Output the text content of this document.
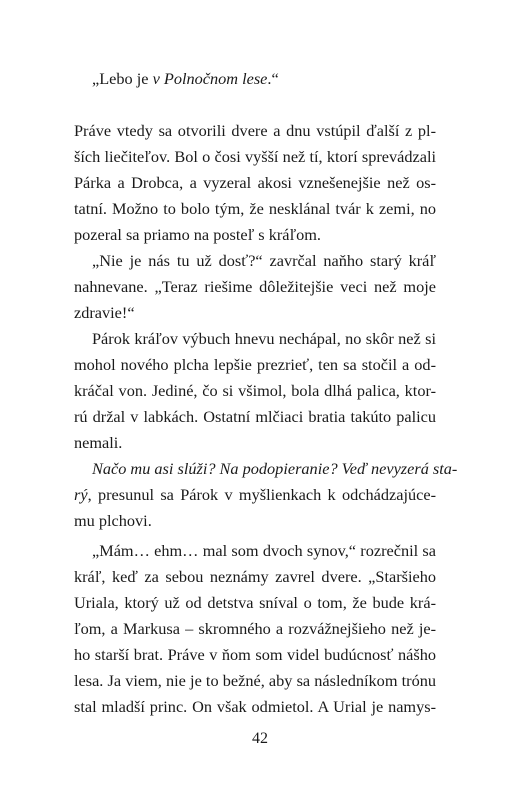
„Lebo je v Polnočnom lese.“

Práve vtedy sa otvorili dvere a dnu vstúpil ďalší z pl-
ších liečiteľov. Bol o čosi vyšší než tí, ktorí sprevádzali
Párka a Drobca, a vyzeral akosi vznešenejšie než os-
tatní. Možno to bolo tým, že nesklánal tvár k zemi, no
pozeral sa priamo na posteľ s kráľom.
„Nie je nás tu už dosť?“ zavrčal naňho starý kráľ
nahnevane. „Teraz riešime dôležitejšie veci než moje
zdravie!“
Párok kráľov výbuch hnevu nechápal, no skôr než si
mohol nového plcha lepšie prezrieť, ten sa stočil a od-
kráčal von. Jediné, čo si všimol, bola dlhá palica, ktor-
rú držal v labkách. Ostatní mlčiaci bratia takúto palicu
nemali.
Načo mu asi slúži? Na podopieranie? Veď nevyzerá sta-
rý, presunul sa Párok v myšlienkach k odchádzajúce-
mu plchovi.
„Mám… ehm… mal som dvoch synov,“ rozrečnil sa
kráľ, keď za sebou neznámy zavrel dvere. „Staršieho
Uriala, ktorý už od detstva sníval o tom, že bude krá-
ľom, a Markusa – skromného a rozvážnejšieho než je-
ho starší brat. Práve v ňom som videl budúcnosť nášho
lesa. Ja viem, nie je to bežné, aby sa následníkom trónu
stal mladší princ. On však odmietol. A Urial je namys-
42
